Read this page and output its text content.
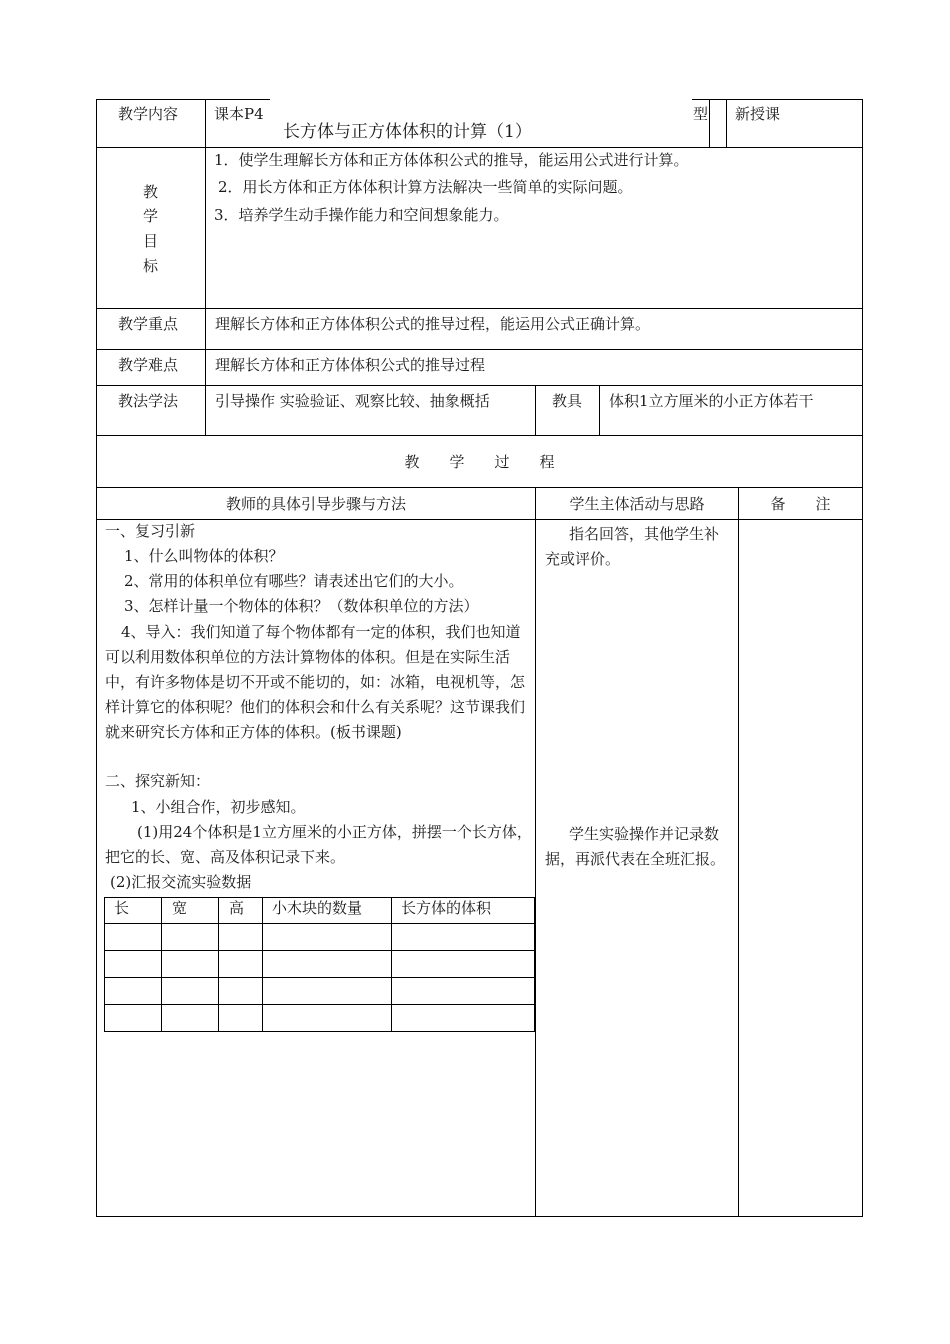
教学内容 课本P4	型 新授课
长方体与正方体体积的计算（1）
教
学
目
标
1．使学生理解长方体和正方体体积公式的推导，能运用公式进行计算。
2．用长方体和正方体体积计算方法解决一些简单的实际问题。
3．培养学生动手操作能力和空间想象能力。
教学重点 理解长方体和正方体体积公式的推导过程，能运用公式正确计算。
教学难点 理解长方体和正方体体积公式的推导过程
教法学法 引导操作 实验验证、观察比较、抽象概括	教具 体积1立方厘米的小正方体若干
教　　学　　过　　程
教师的具体引导步骤与方法	学生主体活动与思路	备　　注
一、复习引新
1、什么叫物体的体积？
2、常用的体积单位有哪些？请表述出它们的大小。
3、怎样计量一个物体的体积？（数体积单位的方法）
4、导入：我们知道了每个物体都有一定的体积，我们也知道可以利用数体积单位的方法计算物体的体积。但是在实际生活中，有许多物体是切不开或不能切的，如：冰箱，电视机等，怎样计算它的体积呢？他们的体积会和什么有关系呢？这节课我们就来研究长方体和正方体的体积。(板书课题)
二、探究新知：
1、小组合作，初步感知。
(1)用24个体积是1立方厘米的小正方体，拼摆一个长方体，把它的长、宽、高及体积记录下来。
(2)汇报交流实验数据
长	宽	高 小木块的数量	长方体的体积
指名回答，其他学生补充或评价。
学生实验操作并记录数据，再派代表在全班汇报。
